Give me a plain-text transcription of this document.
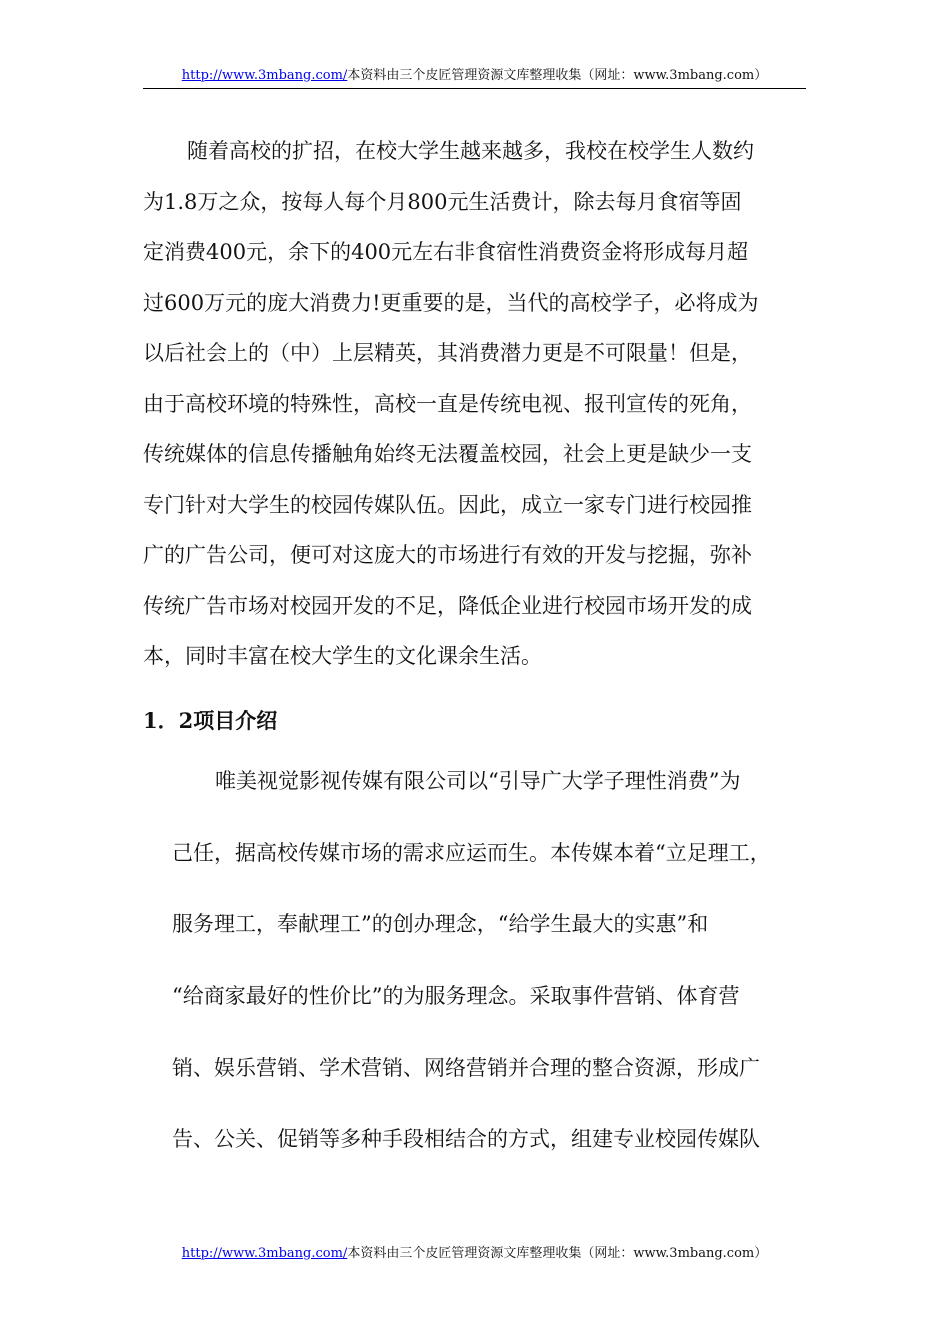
http://www.3mbang.com/本资料由三个皮匠管理资源文库整理收集（网址：www.3mbang.com）
随着高校的扩招，在校大学生越来越多，我校在校学生人数约
为1.8万之众，按每人每个月800元生活费计，除去每月食宿等固
定消费400元，余下的400元左右非食宿性消费资金将形成每月超
过600万元的庞大消费力!更重要的是，当代的高校学子，必将成为
以后社会上的（中）上层精英，其消费潜力更是不可限量！但是，
由于高校环境的特殊性，高校一直是传统电视、报刊宣传的死角，
传统媒体的信息传播触角始终无法覆盖校园，社会上更是缺少一支
专门针对大学生的校园传媒队伍。因此，成立一家专门进行校园推
广的广告公司，便可对这庞大的市场进行有效的开发与挖掘，弥补
传统广告市场对校园开发的不足，降低企业进行校园市场开发的成
本，同时丰富在校大学生的文化课余生活。
1．2项目介绍
唯美视觉影视传媒有限公司以“引导广大学子理性消费”为
己任，据高校传媒市场的需求应运而生。本传媒本着“立足理工，
服务理工，奉献理工”的创办理念，“给学生最大的实惠”和
“给商家最好的性价比”的为服务理念。采取事件营销、体育营
销、娱乐营销、学术营销、网络营销并合理的整合资源，形成广
告、公关、促销等多种手段相结合的方式，组建专业校园传媒队
http://www.3mbang.com/本资料由三个皮匠管理资源文库整理收集（网址：www.3mbang.com）
